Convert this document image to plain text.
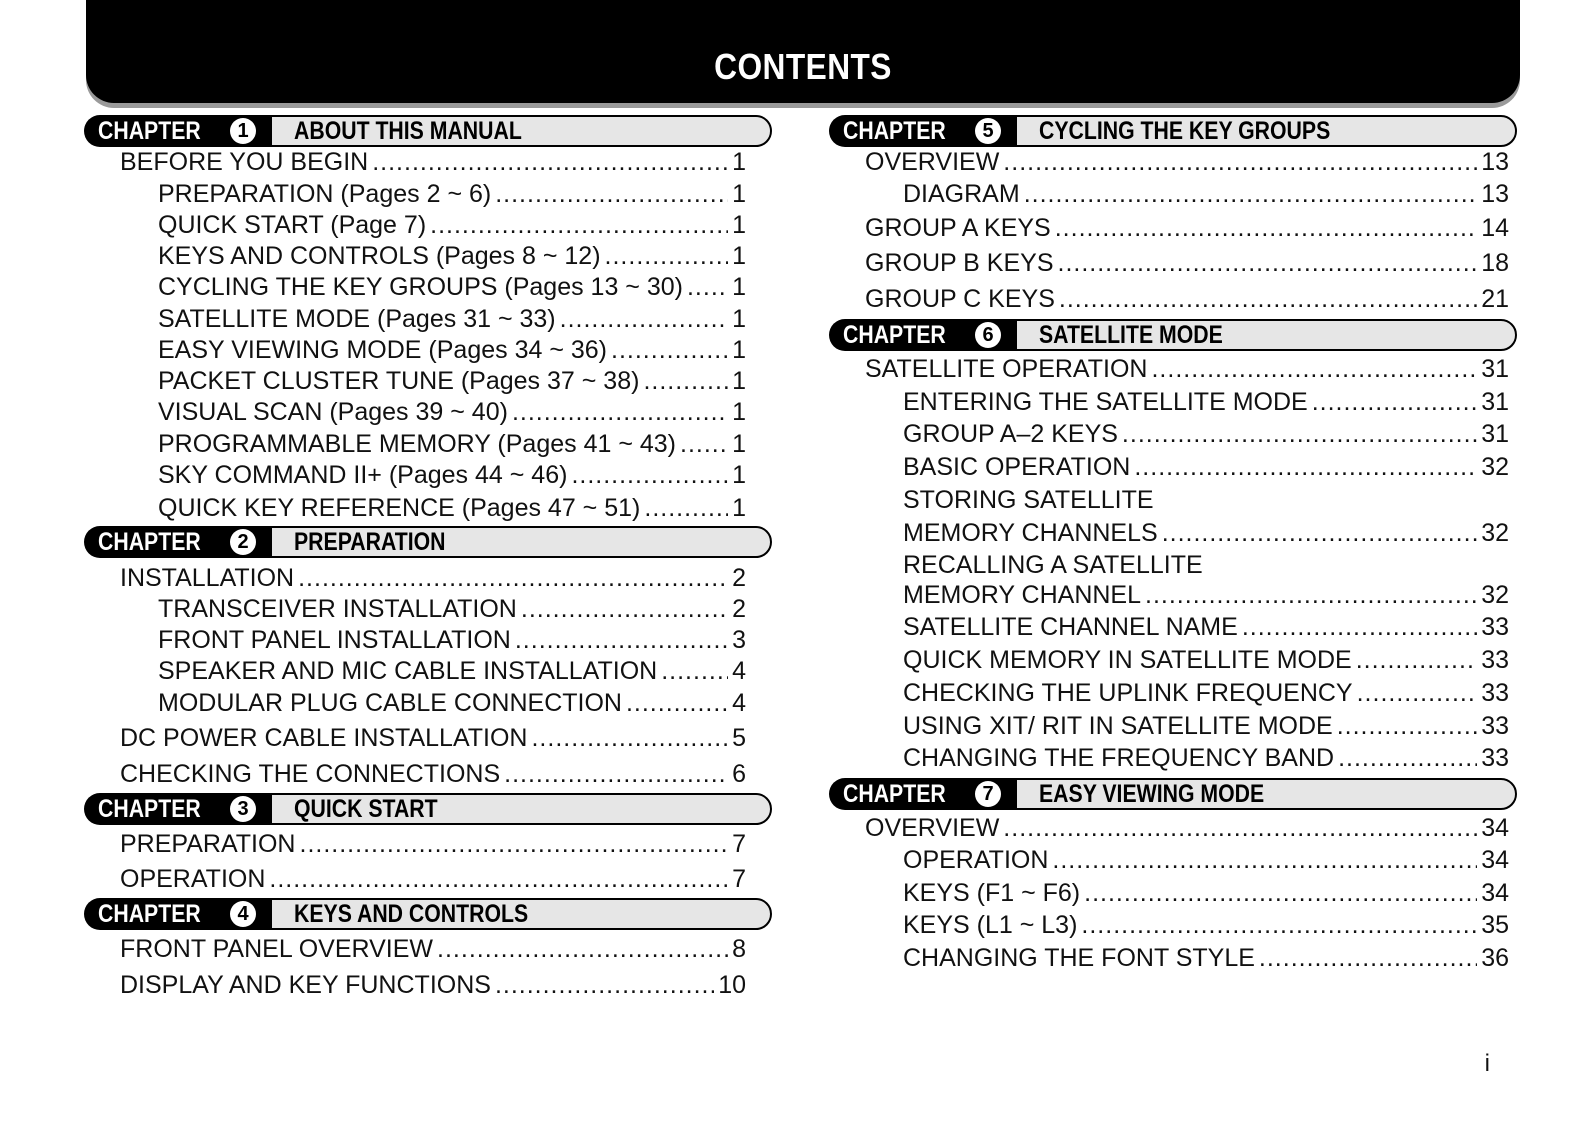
CONTENTS
CHAPTER	1 ABOUT THIS MANUAL
BEFORE YOU BEGIN .....	1
PREPARATION (Pages 2 ~ 6) .....	1
QUICK START (Page 7) .....	1
KEYS AND CONTROLS (Pages 8 ~ 12) .....	1
CYCLING THE KEY GROUPS (Pages 13 ~ 30) ..... 1
SATELLITE MODE (Pages 31 ~ 33) .....	1
EASY VIEWING MODE (Pages 34 ~ 36) .....	1
PACKET CLUSTER TUNE (Pages 37 ~ 38) .....	1
VISUAL SCAN (Pages 39 ~ 40) .....	1
PROGRAMMABLE MEMORY (Pages 41 ~ 43) ..... 1
SKY COMMAND II+ (Pages 44 ~ 46) .....	1
QUICK KEY REFERENCE (Pages 47 ~ 51) .....	1
CHAPTER	2 PREPARATION
INSTALLATION .....	2
TRANSCEIVER INSTALLATION .....	2
FRONT PANEL INSTALLATION .....	3
SPEAKER AND MIC CABLE INSTALLATION .....	4
MODULAR PLUG CABLE CONNECTION .....	4
DC POWER CABLE INSTALLATION .....	5
CHECKING THE CONNECTIONS .....	6
CHAPTER	3 QUICK START
PREPARATION .....	7
OPERATION .....	7
CHAPTER	4 KEYS AND CONTROLS
FRONT PANEL OVERVIEW .....	8
DISPLAY AND KEY FUNCTIONS .....	10
CHAPTER	5 CYCLING THE KEY GROUPS
OVERVIEW .....	13
DIAGRAM .....	13
GROUP A KEYS .....	14
GROUP B KEYS .....	18
GROUP C KEYS .....	21
CHAPTER	6 SATELLITE MODE
SATELLITE OPERATION .....	31
ENTERING THE SATELLITE MODE .....	31
GROUP A–2 KEYS .....	31
BASIC OPERATION .....	32
STORING SATELLITE
MEMORY CHANNELS .....	32
RECALLING A SATELLITE
MEMORY CHANNEL .....	32
SATELLITE CHANNEL NAME .....	33
QUICK MEMORY IN SATELLITE MODE .....	33
CHECKING THE UPLINK FREQUENCY .....	33
USING XIT/ RIT IN SATELLITE MODE .....	33
CHANGING THE FREQUENCY BAND .....	33
CHAPTER	7 EASY VIEWING MODE
OVERVIEW .....	34
OPERATION .....	34
KEYS (F1 ~ F6) .....	34
KEYS (L1 ~ L3) .....	35
CHANGING THE FONT STYLE .....	36
i
